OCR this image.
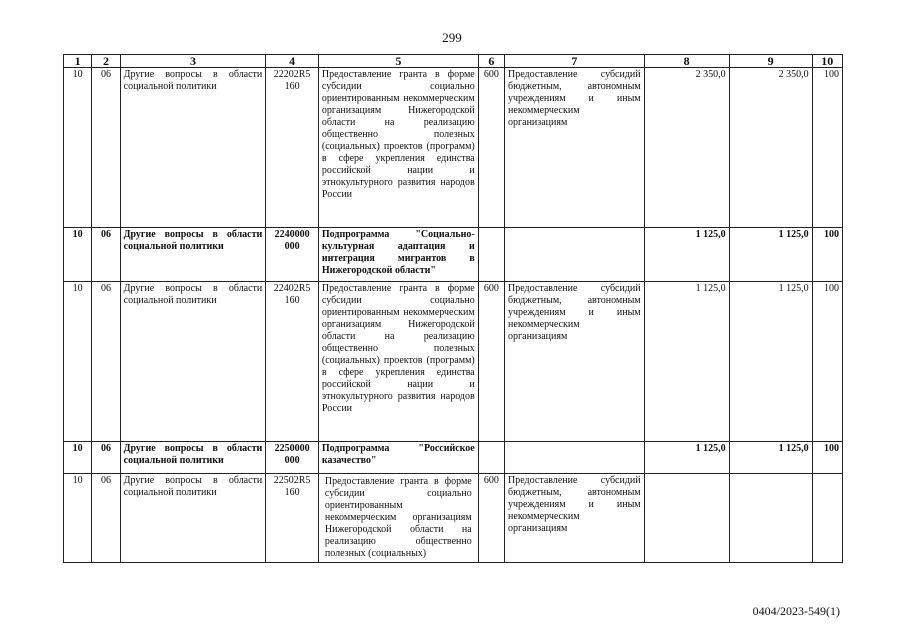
299
1	2	3	4	5	6	7	8	9	10
10	06	Другие вопросы в области социальной политики	22202R5 160	Предоставление гранта в форме субсидии социально ориентированным некоммерческим организациям Нижегородской области на реализацию общественно полезных (социальных) проектов (программ) в сфере укрепления единства российской нации и этнокультурного развития народов России	600	Предоставление субсидий бюджетным, автономным учреждениям и иным некоммерческим организациям	2 350,0	2 350,0	100
10	06	Другие вопросы в области социальной политики	2240000 000	Подпрограмма "Социально-культурная адаптация и интеграция мигрантов в Нижегородской области"			1 125,0	1 125,0	100
10	06	Другие вопросы в области социальной политики	22402R5 160	Предоставление гранта в форме субсидии социально ориентированным некоммерческим организациям Нижегородской области на реализацию общественно полезных (социальных) проектов (программ) в сфере укрепления единства российской нации и этнокультурного развития народов России	600	Предоставление субсидий бюджетным, автономным учреждениям и иным некоммерческим организациям	1 125,0	1 125,0	100
10	06	Другие вопросы в области социальной политики	2250000 000	Подпрограмма "Российское казачество"			1 125,0	1 125,0	100
10	06	Другие вопросы в области социальной политики	22502R5 160	Предоставление гранта в форме субсидии социально ориентированным некоммерческим организациям Нижегородской области на реализацию общественно полезных (социальных)	600	Предоставление субсидий бюджетным, автономным учреждениям и иным некоммерческим организациям			
0404/2023-549(1)
